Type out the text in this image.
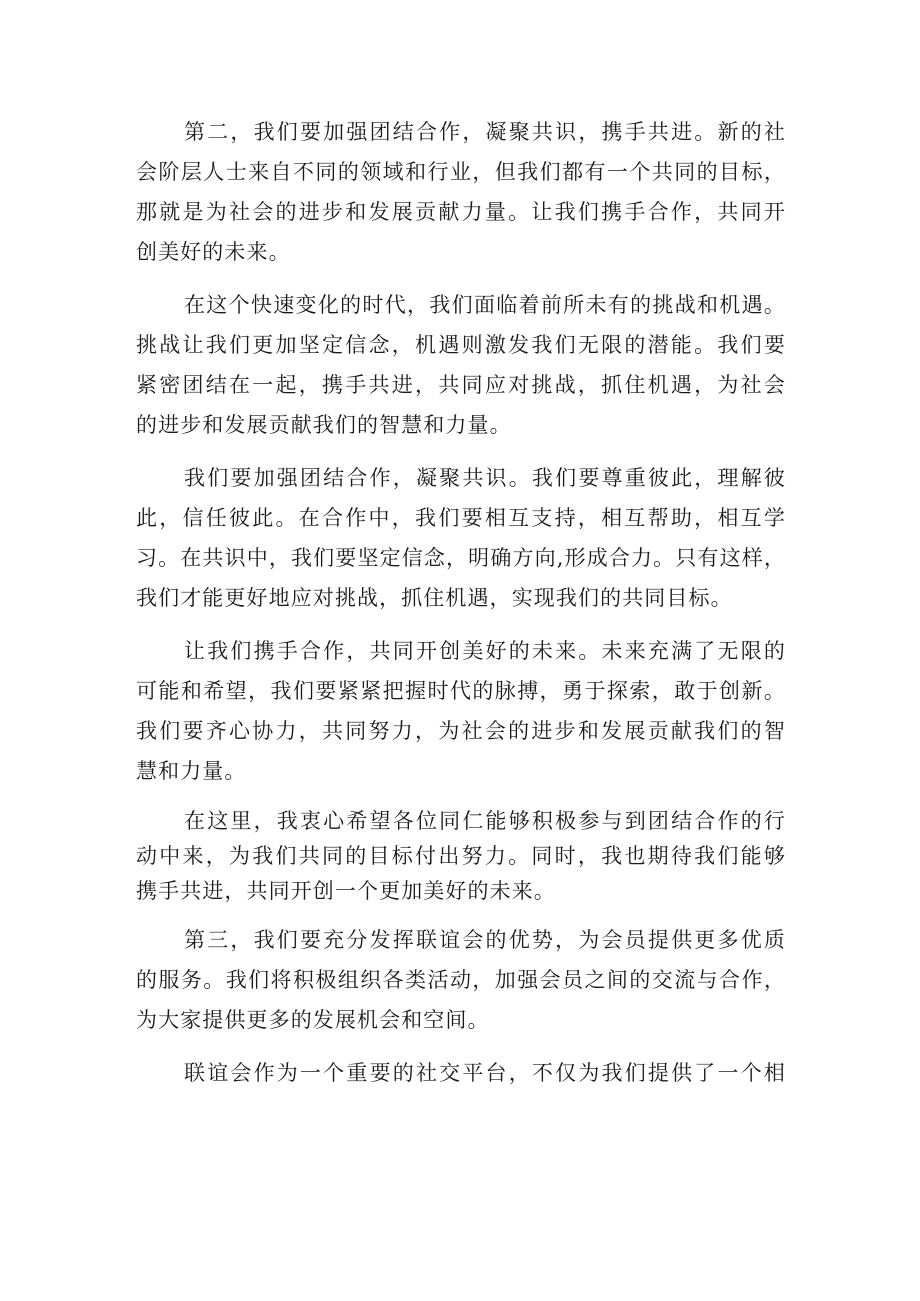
第二，我们要加强团结合作，凝聚共识，携手共进。新的社
会阶层人士来自不同的领域和行业，但我们都有一个共同的目标，
那就是为社会的进步和发展贡献力量。让我们携手合作，共同开
创美好的未来。
在这个快速变化的时代，我们面临着前所未有的挑战和机遇。
挑战让我们更加坚定信念，机遇则激发我们无限的潜能。我们要
紧密团结在一起，携手共进，共同应对挑战，抓住机遇，为社会
的进步和发展贡献我们的智慧和力量。
我们要加强团结合作，凝聚共识。我们要尊重彼此，理解彼
此，信任彼此。在合作中，我们要相互支持，相互帮助，相互学
习。在共识中，我们要坚定信念，明确方向,形成合力。只有这样，
我们才能更好地应对挑战，抓住机遇，实现我们的共同目标。
让我们携手合作，共同开创美好的未来。未来充满了无限的
可能和希望，我们要紧紧把握时代的脉搏，勇于探索，敢于创新。
我们要齐心协力，共同努力，为社会的进步和发展贡献我们的智
慧和力量。
在这里，我衷心希望各位同仁能够积极参与到团结合作的行
动中来，为我们共同的目标付出努力。同时，我也期待我们能够
携手共进，共同开创一个更加美好的未来。
第三，我们要充分发挥联谊会的优势，为会员提供更多优质
的服务。我们将积极组织各类活动，加强会员之间的交流与合作，
为大家提供更多的发展机会和空间。
联谊会作为一个重要的社交平台，不仅为我们提供了一个相
